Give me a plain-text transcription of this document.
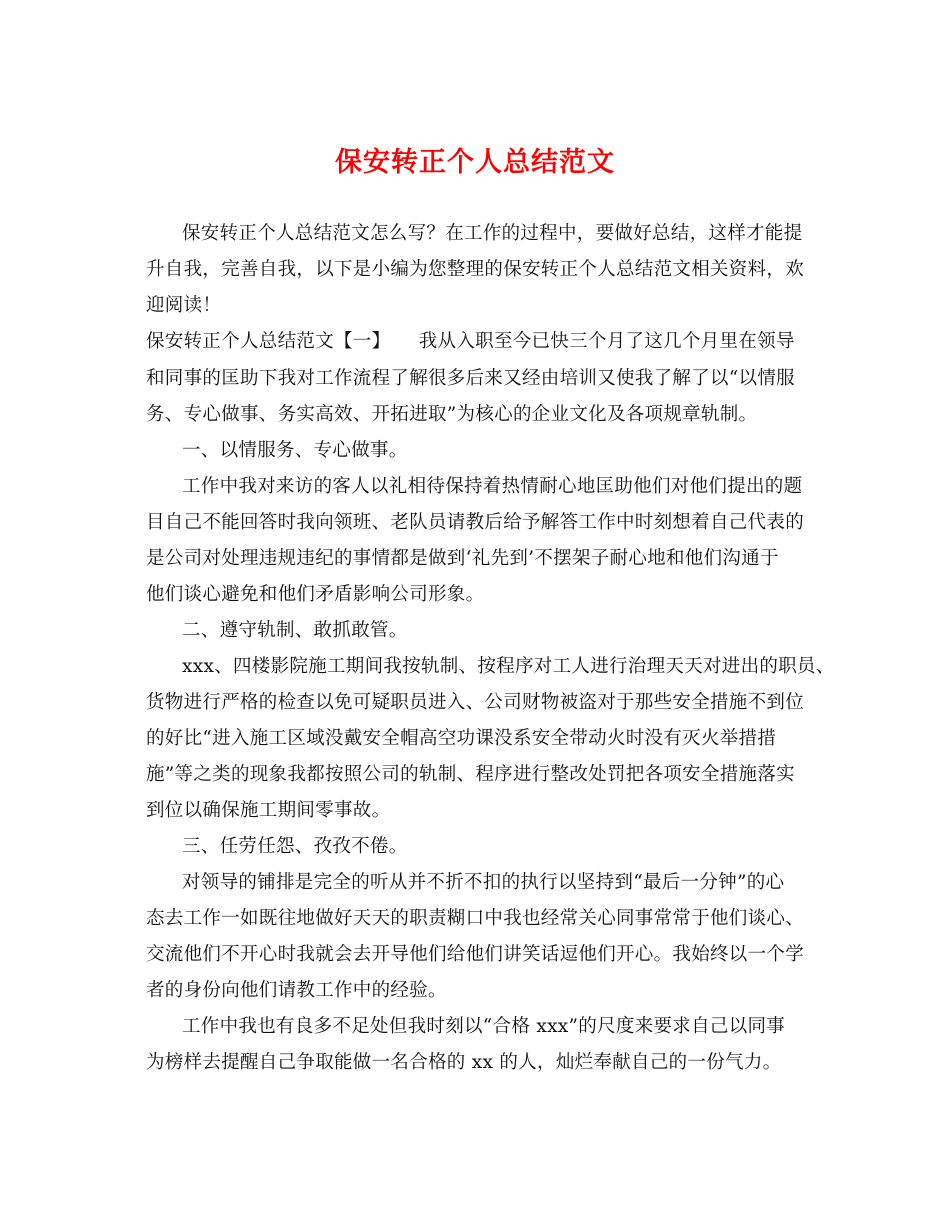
保安转正个人总结范文
保安转正个人总结范文怎么写？在工作的过程中，要做好总结，这样才能提
升自我，完善自我，以下是小编为您整理的保安转正个人总结范文相关资料，欢
迎阅读！
保安转正个人总结范文【一】　　我从入职至今已快三个月了这几个月里在领导
和同事的匡助下我对工作流程了解很多后来又经由培训又使我了解了以“以情服
务、专心做事、务实高效、开拓进取”为核心的企业文化及各项规章轨制。
一、以情服务、专心做事。
工作中我对来访的客人以礼相待保持着热情耐心地匡助他们对他们提出的题
目自己不能回答时我向领班、老队员请教后给予解答工作中时刻想着自己代表的
是公司对处理违规违纪的事情都是做到‘礼先到’不摆架子耐心地和他们沟通于
他们谈心避免和他们矛盾影响公司形象。
二、遵守轨制、敢抓敢管。
xxx、四楼影院施工期间我按轨制、按程序对工人进行治理天天对进出的职员、
货物进行严格的检查以免可疑职员进入、公司财物被盗对于那些安全措施不到位
的好比“进入施工区域没戴安全帽高空功课没系安全带动火时没有灭火举措措
施”等之类的现象我都按照公司的轨制、程序进行整改处罚把各项安全措施落实
到位以确保施工期间零事故。
三、任劳任怨、孜孜不倦。
对领导的铺排是完全的听从并不折不扣的执行以坚持到“最后一分钟”的心
态去工作一如既往地做好天天的职责糊口中我也经常关心同事常常于他们谈心、
交流他们不开心时我就会去开导他们给他们讲笑话逗他们开心。我始终以一个学
者的身份向他们请教工作中的经验。
工作中我也有良多不足处但我时刻以“合格 xxx”的尺度来要求自己以同事
为榜样去提醒自己争取能做一名合格的 xx 的人，灿烂奉献自己的一份气力。
